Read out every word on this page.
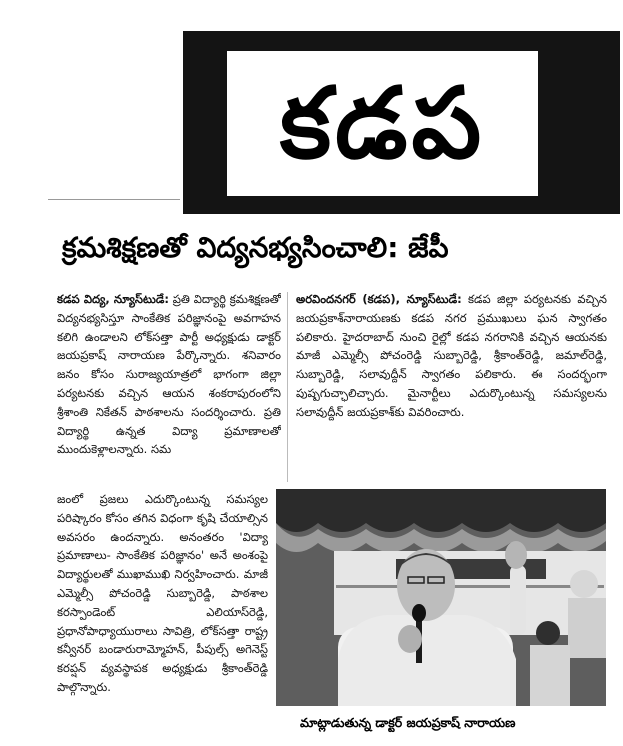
కడప
క్రమశిక్షణతో విద్యనభ్యసించాలి: జేపీ
కడప విద్య, న్యూస్‌టుడే: ప్రతి విద్యార్థి క్రమశిక్షణతో విద్యనభ్యసిస్తూ సాంకేతిక పరిజ్ఞానంపై అవగాహన కలిగి ఉండాలని లోక్‌సత్తా పార్టీ అధ్యక్షుడు డాక్టర్ జయప్రకాష్ నారాయణ పేర్కొన్నారు. శనివారం జనం కోసం సురాజ్యయాత్రలో భాగంగా జిల్లా పర్యటనకు వచ్చిన ఆయన శంకరాపురంలోని శ్రీశాంతి నికేతన్ పాఠశాలను సందర్శించారు. ప్రతి విద్యార్థి ఉన్నత విద్యా ప్రమాణాలతో ముందుకెళ్లాలన్నారు. సమ
జంలో ప్రజలు ఎదుర్కొంటున్న సమస్యల పరిష్కారం కోసం తగిన విధంగా కృషి చేయాల్సిన అవసరం ఉందన్నారు. అనంతరం 'విద్యా ప్రమాణాలు- సాంకేతిక పరిజ్ఞానం' అనే అంశంపై విద్యార్థులతో ముఖాముఖి నిర్వహించారు. మాజీ ఎమ్మెల్సీ పోచంరెడ్డి సుబ్బారెడ్డి, పాఠశాల కరస్పాండెంట్ ఎలియాస్‌రెడ్డి, ప్రధానోపాధ్యాయురాలు సావిత్రి, లోక్‌సత్తా రాష్ట్ర కన్వీనర్ బండారురామ్మోహన్, పీపుల్స్ అగెనెస్ట్ కరప్షన్ వ్యవస్థాపక అధ్యక్షుడు శ్రీకాంత్‌రెడ్డి పాల్గొన్నారు.
అరవిందనగర్ (కడప), న్యూస్‌టుడే: కడప జిల్లా పర్యటనకు వచ్చిన జయప్రకాశ్‌నారాయణకు కడప నగర ప్రముఖులు ఘన స్వాగతం పలికారు. హైదరాబాద్ నుంచి రైల్లో కడప నగరానికి వచ్చిన ఆయనకు మాజీ ఎమ్మెల్సీ పోచంరెడ్డి సుబ్బారెడ్డి, శ్రీకాంత్‌రెడ్డి, జమాల్‌రెడ్డి, సుబ్బారెడ్డి, సలావుద్దీన్ స్వాగతం పలికారు. ఈ సందర్భంగా పుష్పగుచ్ఛాలిచ్చారు. మైనార్టీలు ఎదుర్కొంటున్న సమస్యలను సలావుద్దీన్ జయప్రకాశ్‌కు వివరించారు.
మాట్లాడుతున్న డాక్టర్ జయప్రకాష్ నారాయణ
